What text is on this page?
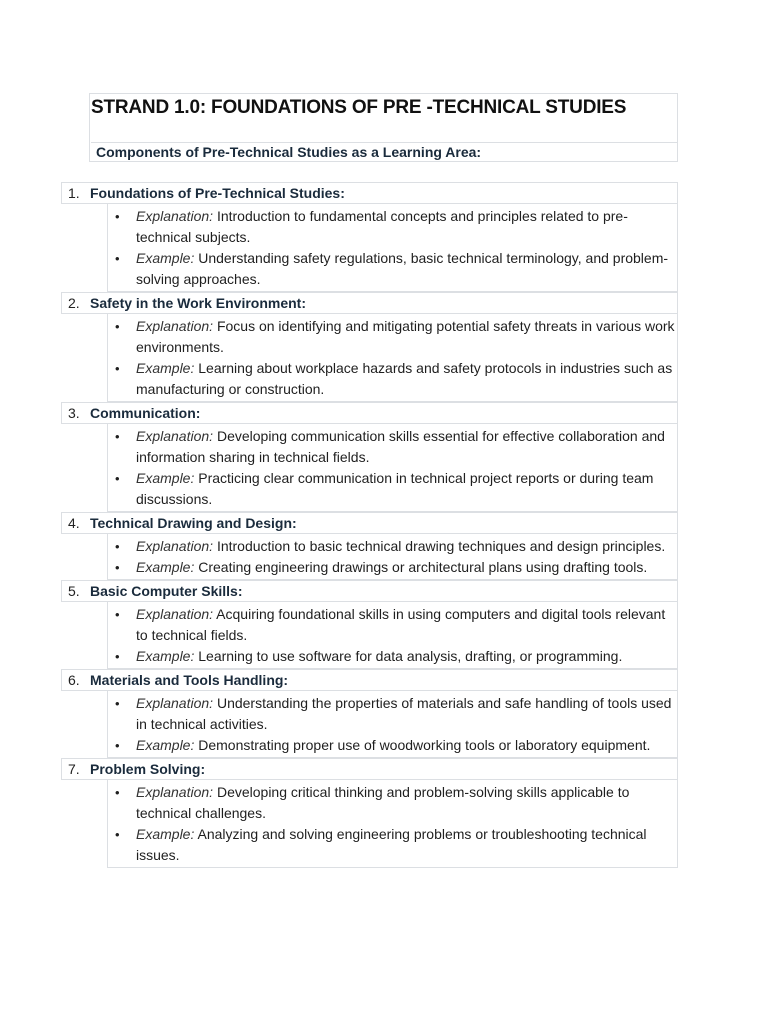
STRAND 1.0: FOUNDATIONS OF PRE -TECHNICAL STUDIES
Components of Pre-Technical Studies as a Learning Area:
1. Foundations of Pre-Technical Studies:
• Explanation: Introduction to fundamental concepts and principles related to pre-technical subjects.
• Example: Understanding safety regulations, basic technical terminology, and problem-solving approaches.
2. Safety in the Work Environment:
• Explanation: Focus on identifying and mitigating potential safety threats in various work environments.
• Example: Learning about workplace hazards and safety protocols in industries such as manufacturing or construction.
3. Communication:
• Explanation: Developing communication skills essential for effective collaboration and information sharing in technical fields.
• Example: Practicing clear communication in technical project reports or during team discussions.
4. Technical Drawing and Design:
• Explanation: Introduction to basic technical drawing techniques and design principles.
• Example: Creating engineering drawings or architectural plans using drafting tools.
5. Basic Computer Skills:
• Explanation: Acquiring foundational skills in using computers and digital tools relevant to technical fields.
• Example: Learning to use software for data analysis, drafting, or programming.
6. Materials and Tools Handling:
• Explanation: Understanding the properties of materials and safe handling of tools used in technical activities.
• Example: Demonstrating proper use of woodworking tools or laboratory equipment.
7. Problem Solving:
• Explanation: Developing critical thinking and problem-solving skills applicable to technical challenges.
• Example: Analyzing and solving engineering problems or troubleshooting technical issues.
